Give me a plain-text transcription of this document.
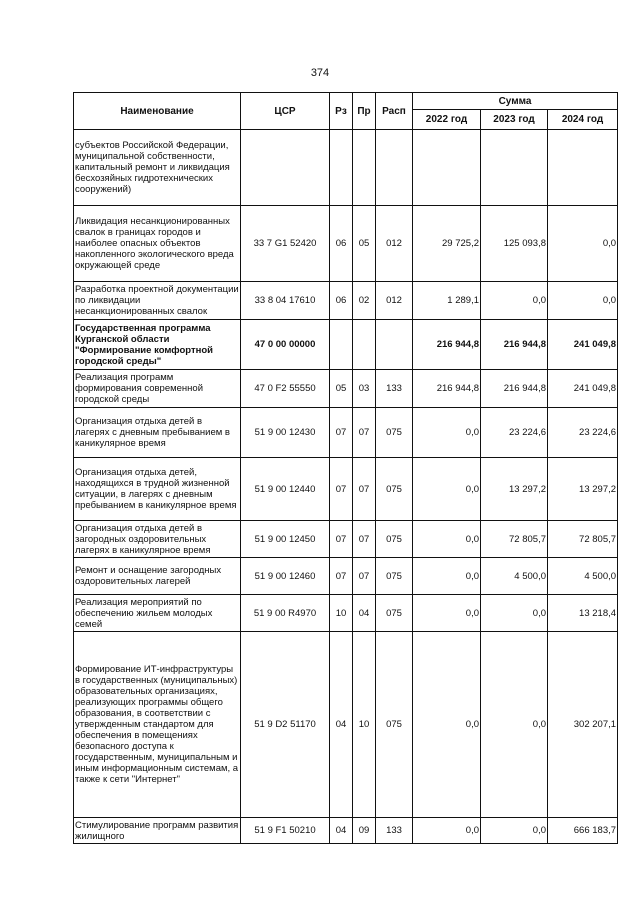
374
Наименование	ЦСР	Рз	Пр	Расп	Сумма		
					2022 год	2023 год	2024 год
субъектов Российской Федерации, муниципальной собственности, капитальный ремонт и ликвидация бесхозяйных гидротехнических сооружений)							
Ликвидация несанкционированных свалок в границах городов и наиболее опасных объектов накопленного экологического вреда окружающей среде	33 7 G1 52420	06	05	012	29 725,2	125 093,8	0,0
Разработка проектной документации по ликвидации несанкционированных свалок	33 8 04 17610	06	02	012	1 289,1	0,0	0,0
Государственная программа Курганской области "Формирование комфортной городской среды"	47 0 00 00000				216 944,8	216 944,8	241 049,8
Реализация программ формирования современной городской среды	47 0 F2 55550	05	03	133	216 944,8	216 944,8	241 049,8
Организация отдыха детей в лагерях с дневным пребыванием в каникулярное время	51 9 00 12430	07	07	075	0,0	23 224,6	23 224,6
Организация отдыха детей, находящихся в трудной жизненной ситуации, в лагерях с дневным пребыванием в каникулярное время	51 9 00 12440	07	07	075	0,0	13 297,2	13 297,2
Организация отдыха детей в загородных оздоровительных лагерях в каникулярное время	51 9 00 12450	07	07	075	0,0	72 805,7	72 805,7
Ремонт и оснащение загородных оздоровительных лагерей	51 9 00 12460	07	07	075	0,0	4 500,0	4 500,0
Реализация мероприятий по обеспечению жильем молодых семей	51 9 00 R4970	10	04	075	0,0	0,0	13 218,4
Формирование ИТ-инфраструктуры в государственных (муниципальных) образовательных организациях, реализующих программы общего образования, в соответствии с утвержденным стандартом для обеспечения в помещениях безопасного доступа к государственным, муниципальным и иным информационным системам, а также к сети "Интернет"	51 9 D2 51170	04	10	075	0,0	0,0	302 207,1
Стимулирование программ развития жилищного	51 9 F1 50210	04	09	133	0,0	0,0	666 183,7
